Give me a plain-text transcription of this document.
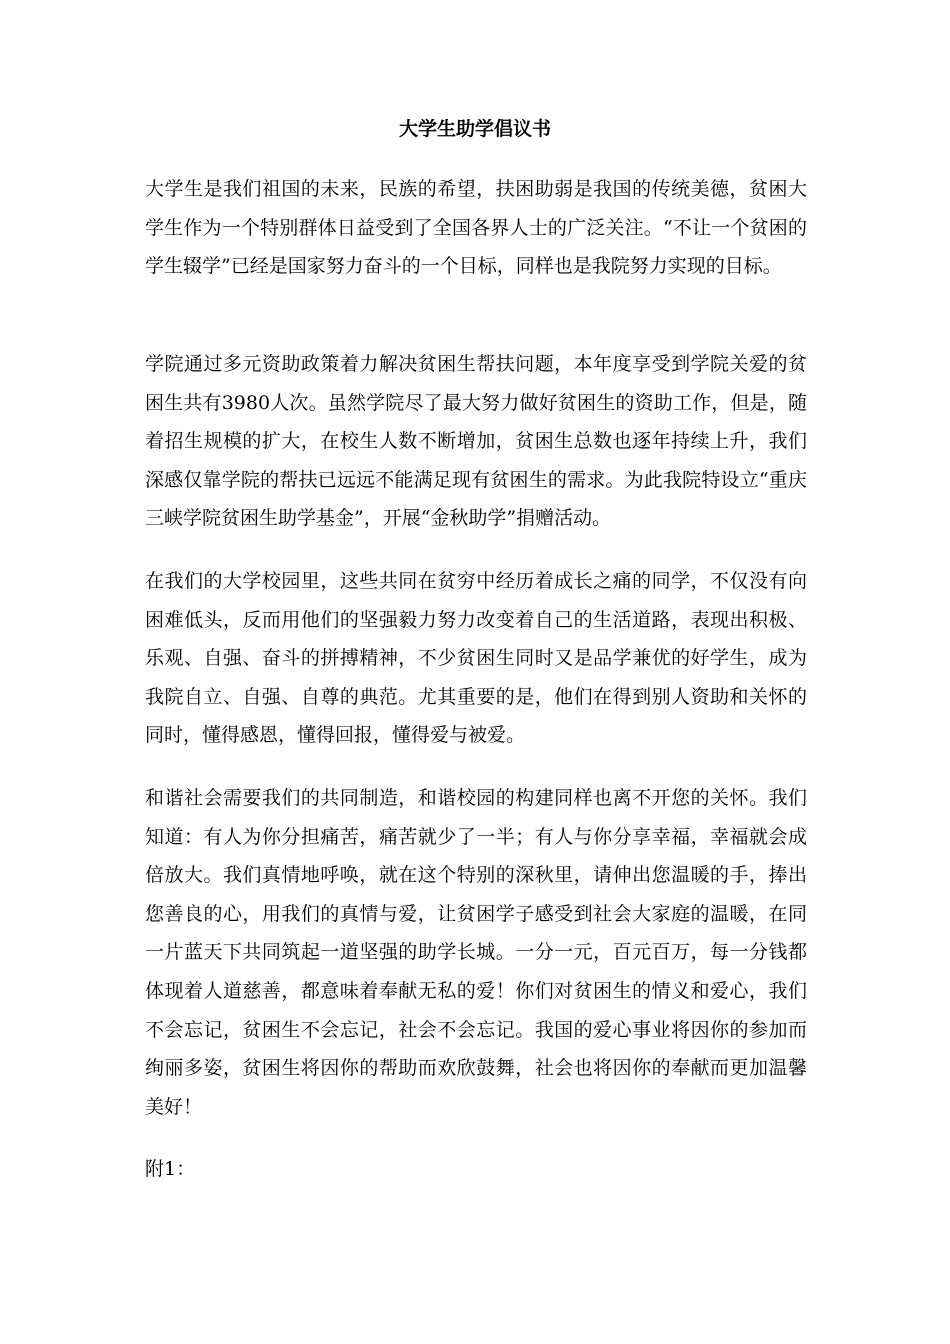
大学生助学倡议书

大学生是我们祖国的未来，民族的希望，扶困助弱是我国的传统美德，贫困大学生作为一个特别群体日益受到了全国各界人士的广泛关注。“不让一个贫困的学生辍学”已经是国家努力奋斗的一个目标，同样也是我院努力实现的目标。

学院通过多元资助政策着力解决贫困生帮扶问题，本年度享受到学院关爱的贫困生共有3980人次。虽然学院尽了最大努力做好贫困生的资助工作，但是，随着招生规模的扩大，在校生人数不断增加，贫困生总数也逐年持续上升，我们深感仅靠学院的帮扶已远远不能满足现有贫困生的需求。为此我院特设立“重庆三峡学院贫困生助学基金”，开展“金秋助学”捐赠活动。

在我们的大学校园里，这些共同在贫穷中经历着成长之痛的同学，不仅没有向困难低头，反而用他们的坚强毅力努力改变着自己的生活道路，表现出积极、乐观、自强、奋斗的拼搏精神，不少贫困生同时又是品学兼优的好学生，成为我院自立、自强、自尊的典范。尤其重要的是，他们在得到别人资助和关怀的同时，懂得感恩，懂得回报，懂得爱与被爱。

和谐社会需要我们的共同制造，和谐校园的构建同样也离不开您的关怀。我们知道：有人为你分担痛苦，痛苦就少了一半；有人与你分享幸福，幸福就会成倍放大。我们真情地呼唤，就在这个特别的深秋里，请伸出您温暖的手，捧出您善良的心，用我们的真情与爱，让贫困学子感受到社会大家庭的温暖，在同一片蓝天下共同筑起一道坚强的助学长城。一分一元，百元百万，每一分钱都体现着人道慈善，都意味着奉献无私的爱！你们对贫困生的情义和爱心，我们不会忘记，贫困生不会忘记，社会不会忘记。我国的爱心事业将因你的参加而绚丽多姿，贫困生将因你的帮助而欢欣鼓舞，社会也将因你的奉献而更加温馨美好！

附1：
